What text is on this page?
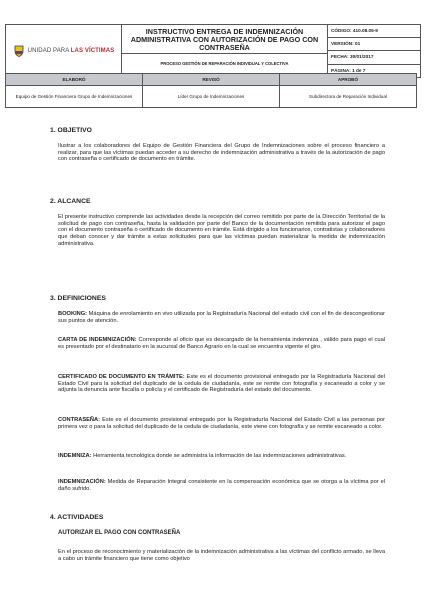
UNIDAD PARA LAS VÍCTIMAS

INSTRUCTIVO ENTREGA DE INDEMNIZACIÓN ADMINISTRATIVA CON AUTORIZACIÓN DE PAGO CON CONTRASEÑA
PROCESO GESTIÓN DE REPARACIÓN INDIVIDUAL Y COLECTIVA

CÓDIGO: 410.08.05-9
VERSIÓN: 01
FECHA: 30/01/2017
PÁGINA: 1 de 7

ELABORÓ	REVISÓ	APROBÓ
Equipo de Gestión Financiera Grupo de Indemnizaciones	Líder Grupo de Indemnizaciones	Subdirectora de Reparación Individual
1. OBJETIVO

Ilustrar a los colaboradores del Equipo de Gestión Financiera del Grupo de Indemnizaciones sobre el proceso financiero a realizar, para que las víctimas puedan acceder a su derecho de indemnización administrativa a través de la autorización de pago con contraseña o certificado de documento en trámite.

2. ALCANCE

El presente instructivo comprende las actividades desde la recepción del correo remitido por parte de la Dirección Territorial de la solicitud de pago con contraseña, hasta la validación por parte del Banco de la documentación remitida para autorizar el pago con el documento contraseña o certificado de documento en trámite. Está dirigido a los funcionarios, contratistas y colaboradores que deban conocer y dar trámite a estas solicitudes para que las víctimas puedan materializar la medida de indemnización administrativa.

3. DEFINICIONES

BOOKING: Máquina de enrolamiento en vivo utilizada por la Registraduría Nacional del estado civil con el fin de descongestionar sus puntos de atención.

CARTA DE INDEMNIZACIÓN: Corresponde al oficio que es descargado de la herramienta indemniza , válido para pago el cual es presentado por el destinatario en la sucursal de Banco Agrario en la cual se encuentra vigente el giro.

CERTIFICADO DE DOCUMENTO EN TRÁMITE: Este es el documento provisional entregado por la Registraduría Nacional del Estado Civil para la solicitud del duplicado de la cedula de ciudadanía, este se remite con fotografía y escaneado a color y se adjunta la denuncia ante fiscalía o policía y el certificado de Registraduría del estado del documento.

CONTRASEÑA: Este es el documento provisional entregado por la Registraduría Nacional del Estado Civil a las personas por primera vez o para la solicitud del duplicado de la cedula de ciudadanía, este viene con fotografía y se remite escaneado a color.

INDEMNIZA: Herramienta tecnológica donde se administra la información de las indemnizaciones administrativas.

INDEMNIZACIÓN: Medida de Reparación Integral consistente en la compensación económica que se otorga a la víctima por el daño sufrido.

4. ACTIVIDADES
AUTORIZAR EL PAGO CON CONTRASEÑA

En el proceso de reconocimiento y materialización de la indemnización administrativa a las víctimas del conflicto armado, se lleva a cabo un trámite financiero que tiene como objetivo
